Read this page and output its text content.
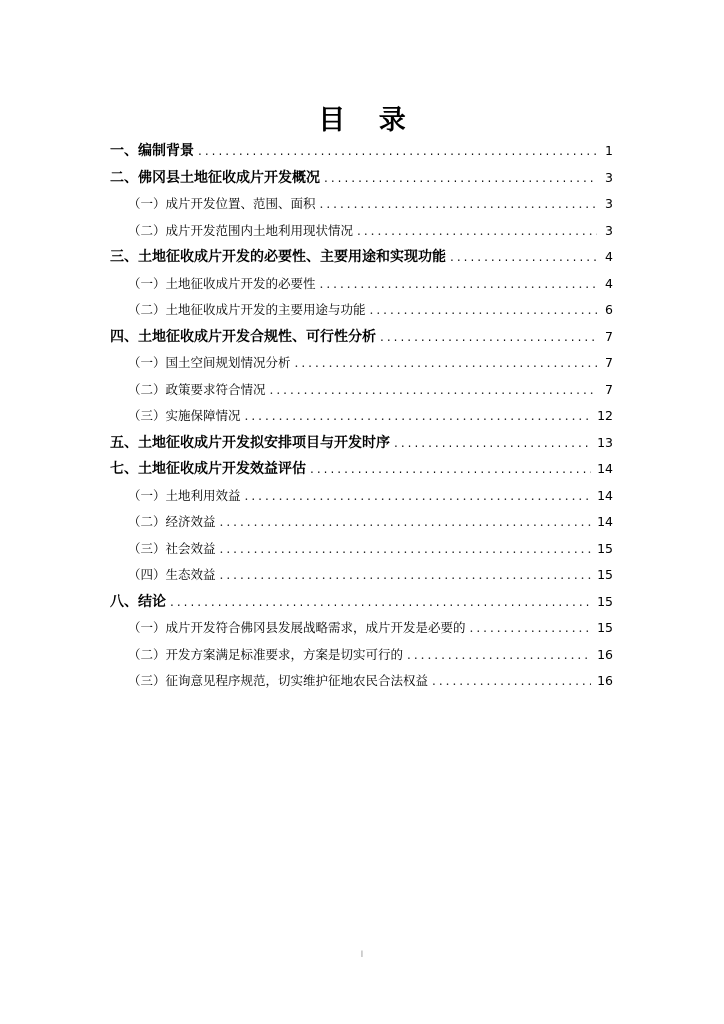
目 录
一、编制背景 .....	1
二、佛冈县土地征收成片开发概况 .....	3
（一）成片开发位置、范围、面积 .....	3
（二）成片开发范围内土地利用现状情况 .....	3
三、土地征收成片开发的必要性、主要用途和实现功能 .....	4
（一）土地征收成片开发的必要性 .....	4
（二）土地征收成片开发的主要用途与功能 .....	6
四、土地征收成片开发合规性、可行性分析 .....	7
（一）国土空间规划情况分析 .....	7
（二）政策要求符合情况 .....	7
（三）实施保障情况 .....	12
五、土地征收成片开发拟安排项目与开发时序 .....	13
七、土地征收成片开发效益评估 .....	14
（一）土地利用效益 .....	14
（二）经济效益 .....	14
（三）社会效益 .....	15
（四）生态效益 .....	15
八、结论 .....	15
（一）成片开发符合佛冈县发展战略需求，成片开发是必要的 .....	15
（二）开发方案满足标准要求，方案是切实可行的 .....	16
（三）征询意见程序规范，切实维护征地农民合法权益 .....	16
I
